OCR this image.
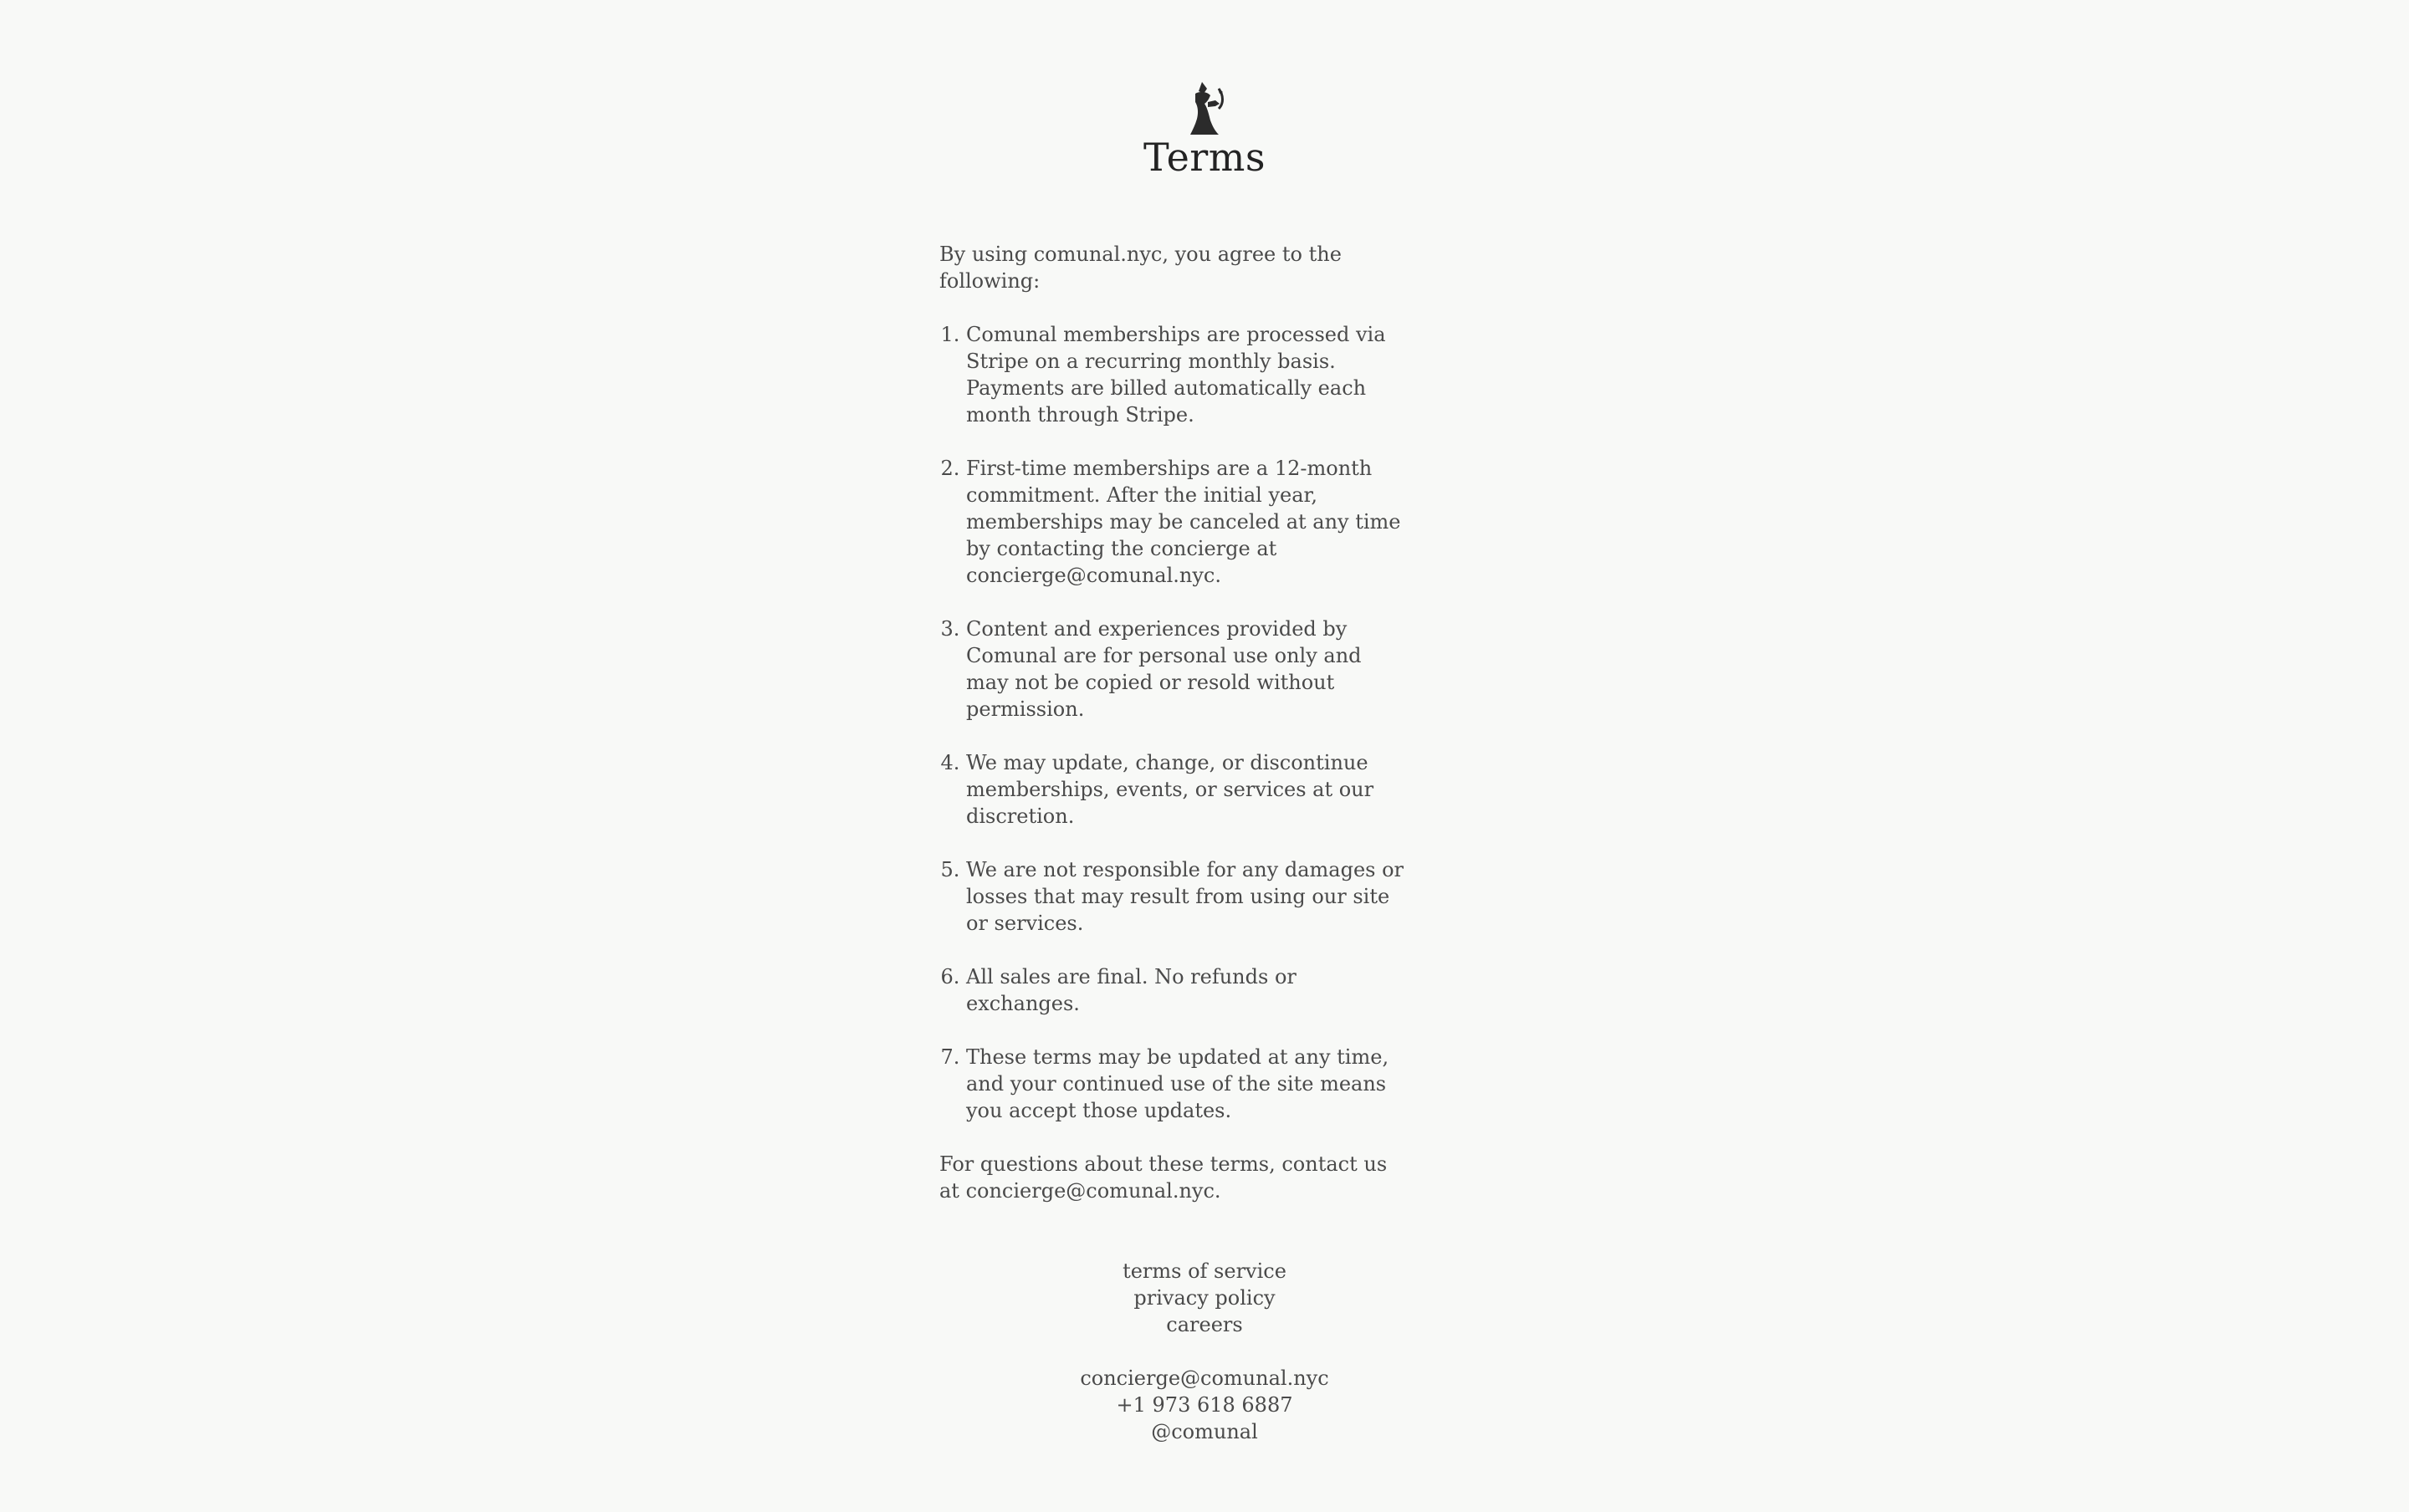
Terms

By using comunal.nyc, you agree to the following:

1. Comunal memberships are processed via Stripe on a recurring monthly basis. Payments are billed automatically each month through Stripe.
2. First-time memberships are a 12-month commitment. After the initial year, memberships may be canceled at any time by contacting the concierge at concierge@comunal.nyc.
3. Content and experiences provided by Comunal are for personal use only and may not be copied or resold without permission.
4. We may update, change, or discontinue memberships, events, or services at our discretion.
5. We are not responsible for any damages or losses that may result from using our site or services.
6. All sales are final. No refunds or exchanges.
7. These terms may be updated at any time, and your continued use of the site means you accept those updates.

For questions about these terms, contact us at concierge@comunal.nyc.

terms of service
privacy policy
careers
concierge@comunal.nyc
+1 973 618 6887
@comunal
